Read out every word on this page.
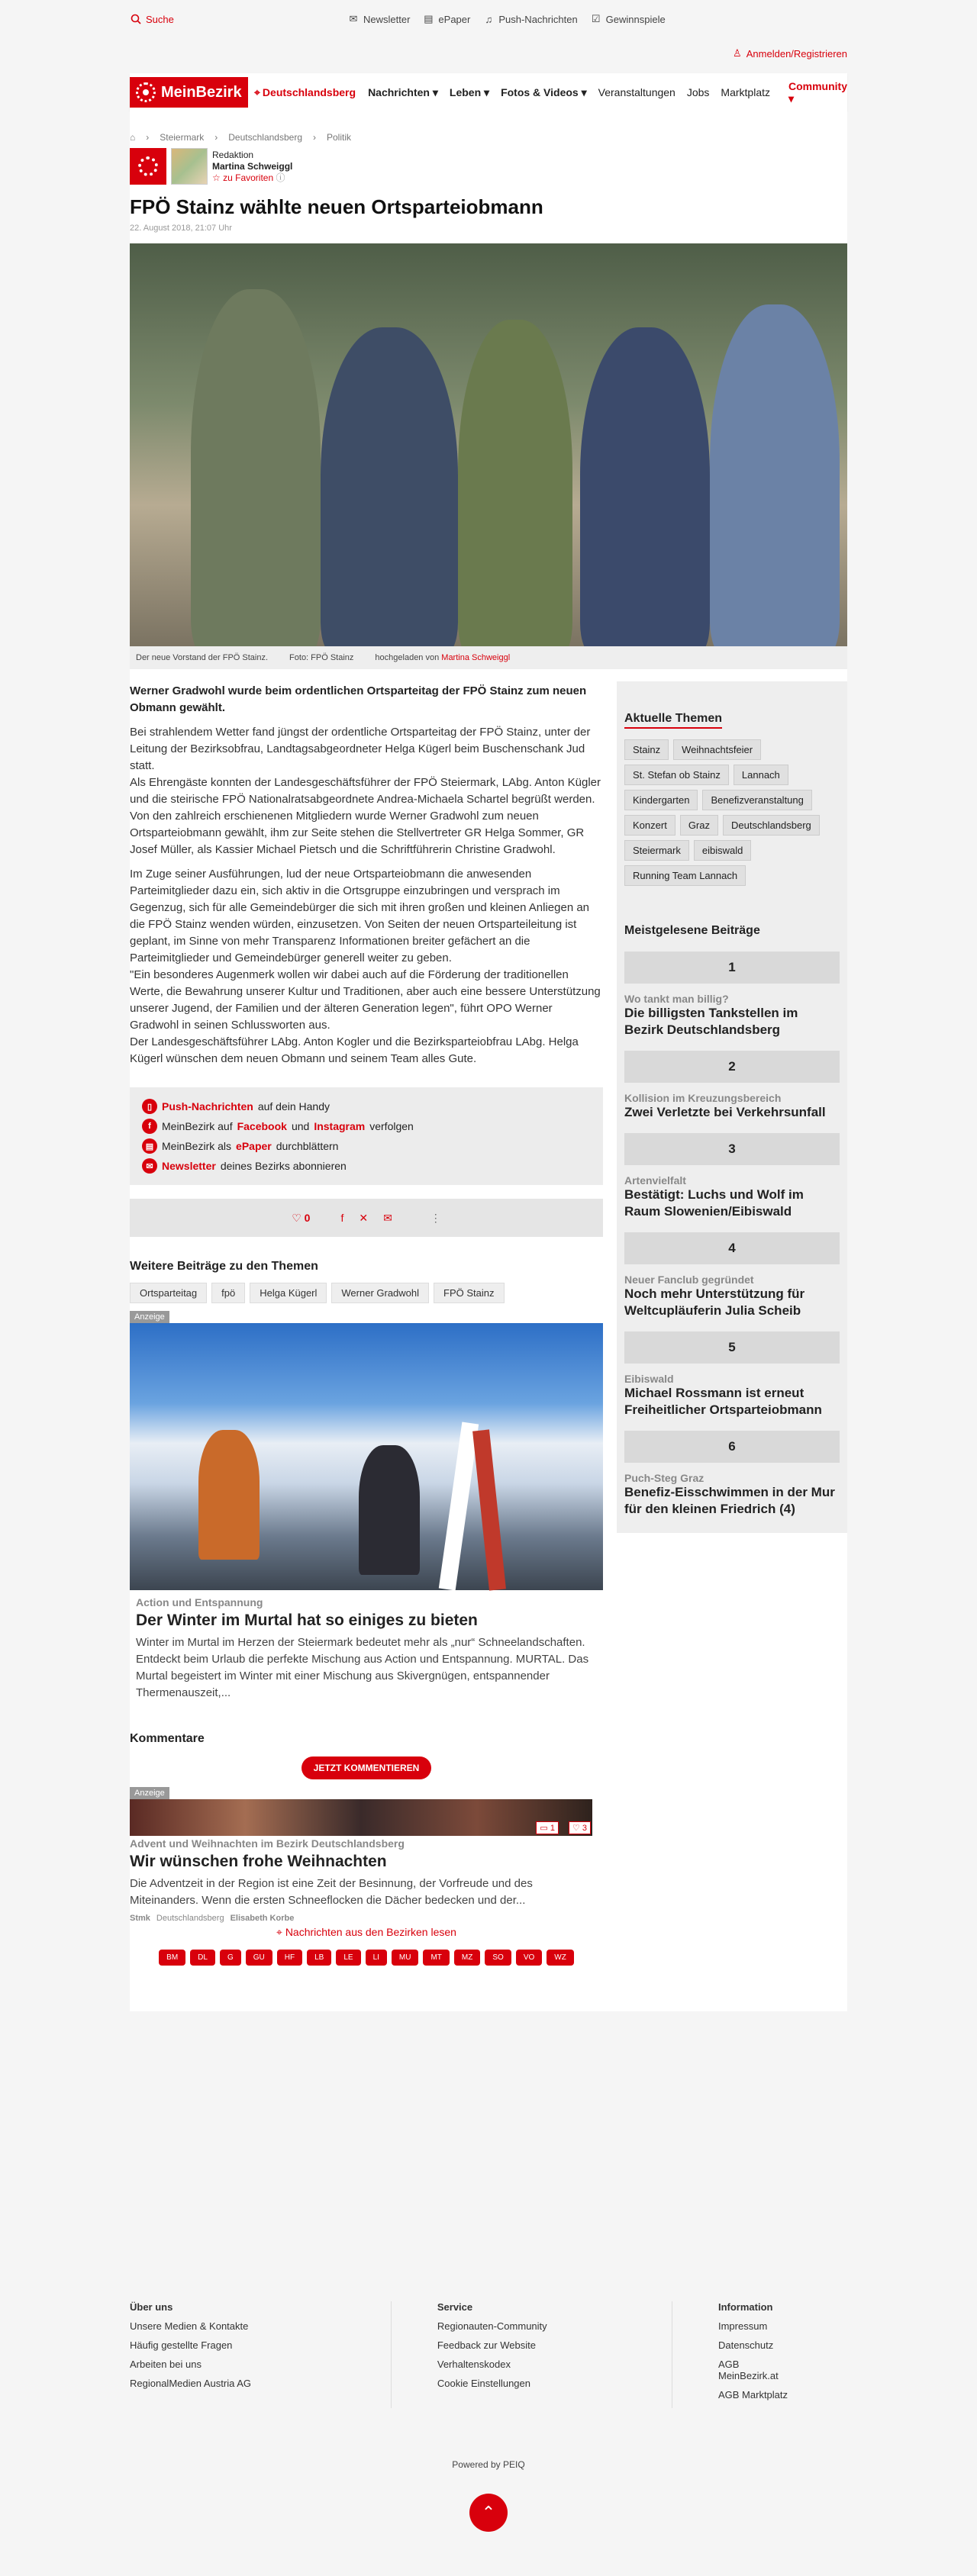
Suche	✉ Newsletter ▤ ePaper ♫ Push-Nachrichten ☑ Gewinnspiele
♙ Anmelden/Registrieren
MeinBezirk ⌖ Deutschlandsberg Nachrichten ▾ Leben ▾ Fotos & Videos ▾ Veranstaltungen Jobs Marktplatz Community ▾
⌂ › Steiermark › Deutschlandsberg › Politik
Redaktion
Martina Schweiggl
☆ zu Favoriten ⓘ
FPÖ Stainz wählte neuen Ortsparteiobmann
22. August 2018, 21:07 Uhr
Der neue Vorstand der FPÖ Stainz.	Foto: FPÖ Stainz	hochgeladen von Martina Schweiggl
Werner Gradwohl wurde beim ordentlichen Ortsparteitag der FPÖ Stainz zum neuen Obmann gewählt.

Bei strahlendem Wetter fand jüngst der ordentliche Ortsparteitag der FPÖ Stainz, unter der Leitung der Bezirksobfrau, Landtagsabgeordneter Helga Kügerl beim Buschenschank Jud statt.
Als Ehrengäste konnten der Landesgeschäftsführer der FPÖ Steiermark, LAbg. Anton Kügler und die steirische FPÖ Nationalratsabgeordnete Andrea-Michaela Schartel begrüßt werden.
Von den zahlreich erschienenen Mitgliedern wurde Werner Gradwohl zum neuen Ortsparteiobmann gewählt, ihm zur Seite stehen die Stellvertreter GR Helga Sommer, GR Josef Müller, als Kassier Michael Pietsch und die Schriftführerin Christine Gradwohl.

Im Zuge seiner Ausführungen, lud der neue Ortsparteiobmann die anwesenden Parteimitglieder dazu ein, sich aktiv in die Ortsgruppe einzubringen und versprach im Gegenzug, sich für alle Gemeindebürger die sich mit ihren großen und kleinen Anliegen an die FPÖ Stainz wenden würden, einzusetzen. Von Seiten der neuen Ortsparteileitung ist geplant, im Sinne von mehr Transparenz Informationen breiter gefächert an die Parteimitglieder und Gemeindebürger generell weiter zu geben.
"Ein besonderes Augenmerk wollen wir dabei auch auf die Förderung der traditionellen Werte, die Bewahrung unserer Kultur und Traditionen, aber auch eine bessere Unterstützung unserer Jugend, der Familien und der älteren Generation legen", führt OPO Werner Gradwohl in seinen Schlussworten aus.
Der Landesgeschäftsführer LAbg. Anton Kogler und die Bezirksparteiobfrau LAbg. Helga Kügerl wünschen dem neuen Obmann und seinem Team alles Gute.

▯ Push-Nachrichten auf dein Handy
f	MeinBezirk auf Facebook und Instagram verfolgen
▤ MeinBezirk als ePaper durchblättern
✉ Newsletter deines Bezirks abonnieren
♡ 0	f ✕ ✉	⋮
Weitere Beiträge zu den Themen
Ortsparteitag	fpö	Helga Kügerl	Werner Gradwohl	FPÖ Stainz
Anzeige
Action und Entspannung
Der Winter im Murtal hat so einiges zu bieten
Winter im Murtal im Herzen der Steiermark bedeutet mehr als „nur“ Schneelandschaften. Entdeckt beim Urlaub die perfekte Mischung aus Action und Entspannung. MURTAL. Das Murtal begeistert im Winter mit einer Mischung aus Skivergnügen, entspannender Thermenauszeit,...
Kommentare
JETZT KOMMENTIEREN
Anzeige
▭ 1	♡ 3
Advent und Weihnachten im Bezirk Deutschlandsberg
Wir wünschen frohe Weihnachten
Die Adventzeit in der Region ist eine Zeit der Besinnung, der Vorfreude und des Miteinanders. Wenn die ersten Schneeflocken die Dächer bedecken und der...
Stmk Deutschlandsberg Elisabeth Korbe
⌖ Nachrichten aus den Bezirken lesen
BM	DL	G	GU	HF	LB	LE	LI	MU	MT	MZ	SO	VO	WZ
Aktuelle Themen
Stainz	Weihnachtsfeier
St. Stefan ob Stainz	Lannach
Kindergarten	Benefizveranstaltung
Konzert	Graz	Deutschlandsberg
Steiermark	eibiswald
Running Team Lannach
Meistgelesene Beiträge
1
Wo tankt man billig?
Die billigsten Tankstellen im Bezirk Deutschlandsberg
2
Kollision im Kreuzungsbereich
Zwei Verletzte bei Verkehrsunfall
3
Artenvielfalt
Bestätigt: Luchs und Wolf im Raum Slowenien/Eibiswald
4
Neuer Fanclub gegründet
Noch mehr Unterstützung für Weltcupläuferin Julia Scheib
5
Eibiswald
Michael Rossmann ist erneut Freiheitlicher Ortsparteiobmann
6
Puch-Steg Graz
Benefiz-Eisschwimmen in der Mur für den kleinen Friedrich (4)
Über uns
Unsere Medien & Kontakte
Häufig gestellte Fragen
Arbeiten bei uns
RegionalMedien Austria AG
Service
Regionauten-Community
Feedback zur Website
Verhaltenskodex
Cookie Einstellungen
Information
Impressum
Datenschutz
AGB MeinBezirk.at
AGB Marktplatz
Powered by PEIQ
⌃
